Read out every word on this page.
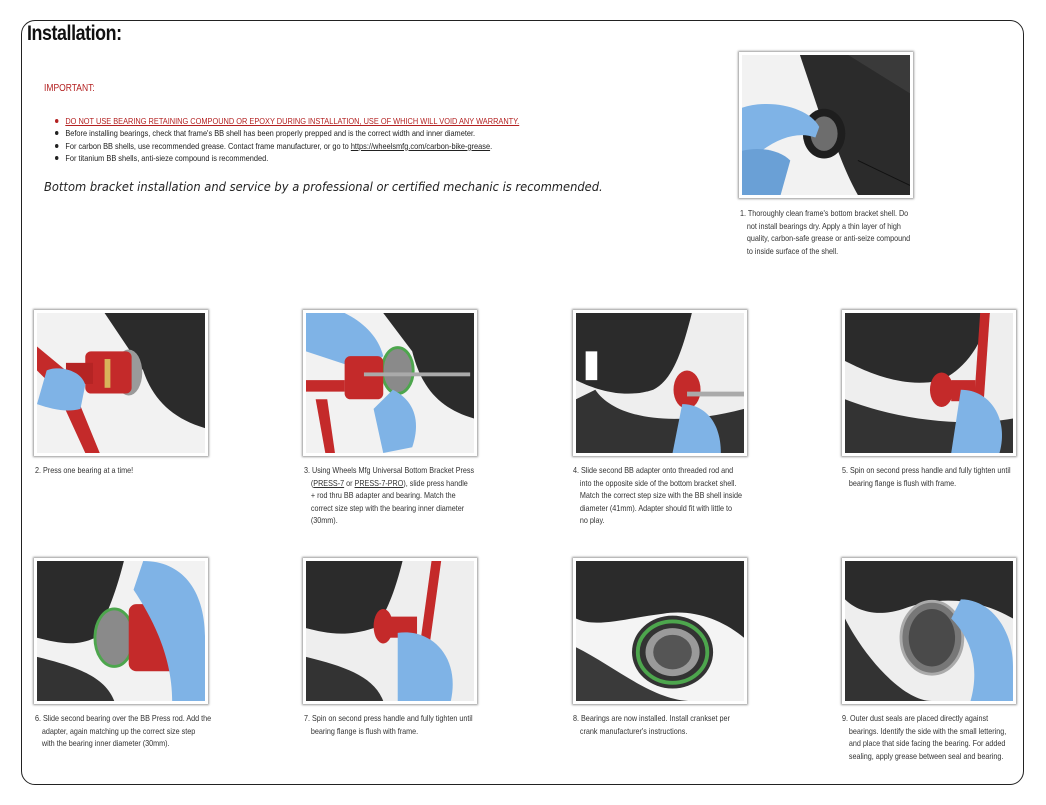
Installation:
IMPORTANT:
DO NOT USE BEARING RETAINING COMPOUND OR EPOXY DURING INSTALLATION, USE OF WHICH WILL VOID ANY WARRANTY.
Before installing bearings, check that frame's BB shell has been properly prepped and is the correct width and inner diameter.
For carbon BB shells, use recommended grease. Contact frame manufacturer, or go to https://wheelsmfg.com/carbon-bike-grease.
For titanium BB shells, anti-sieze compound is recommended.
Bottom bracket installation and service by a professional or certified mechanic is recommended.
1. Thoroughly clean frame's bottom bracket shell. Do
not install bearings dry. Apply a thin layer of high
quality, carbon-safe grease or anti-seize compound
to inside surface of the shell.
2. Press one bearing at a time!	3. Using Wheels Mfg Universal Bottom Bracket Press
(PRESS-7 or PRESS-7-PRO), slide press handle
+ rod thru BB adapter and bearing. Match the
correct size step with the bearing inner diameter
(30mm).
4. Slide second BB adapter onto threaded rod and
into the opposite side of the bottom bracket shell.
Match the correct step size with the BB shell inside
diameter (41mm). Adapter should fit with little to
no play.
5. Spin on second press handle and fully tighten until
bearing flange is flush with frame.
6. Slide second bearing over the BB Press rod. Add the
adapter, again matching up the correct size step
with the bearing inner diameter (30mm).
7. Spin on second press handle and fully tighten until
bearing flange is flush with frame.
8. Bearings are now installed. Install crankset per
crank manufacturer's instructions.
9. Outer dust seals are placed directly against
bearings. Identify the side with the small lettering,
and place that side facing the bearing. For added
sealing, apply grease between seal and bearing.
